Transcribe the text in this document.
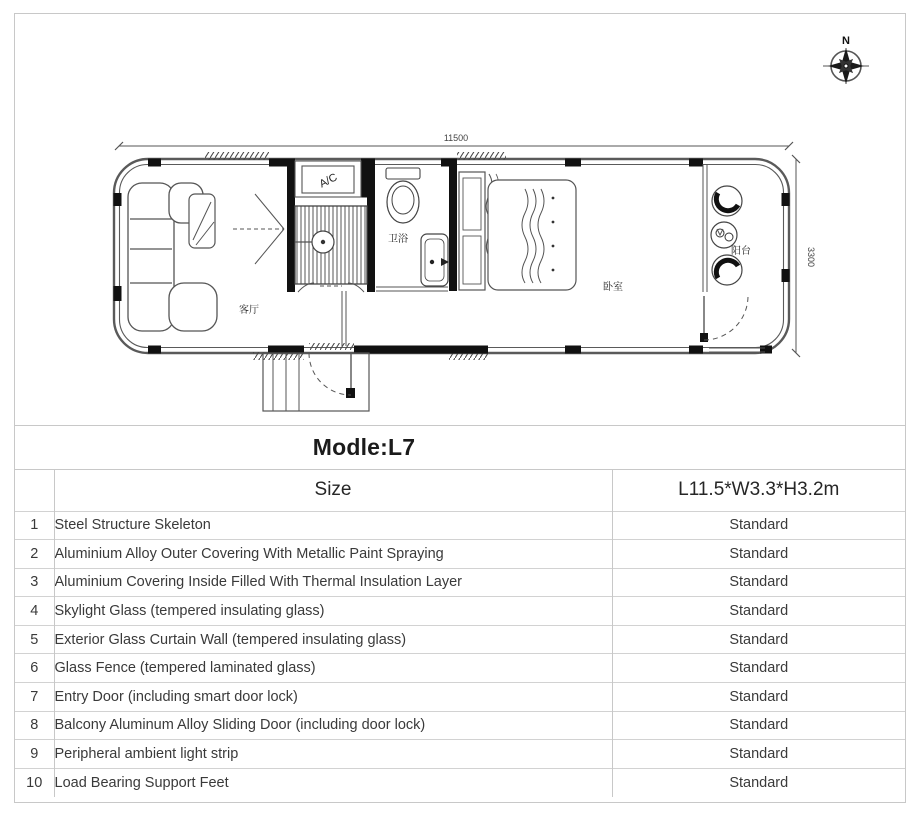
N
11500
3300
客厅
A/C
卫浴
卧室
阳台
Modle:L7
	Size	L11.5*W3.3*H3.2m
1	Steel Structure Skeleton	Standard
2	Aluminium Alloy Outer Covering With Metallic Paint Spraying	Standard
3	Aluminium Covering Inside Filled With Thermal Insulation Layer	Standard
4	Skylight Glass (tempered insulating glass)	Standard
5	Exterior Glass Curtain Wall (tempered insulating glass)	Standard
6	Glass Fence (tempered laminated glass)	Standard
7	Entry Door (including smart door lock)	Standard
8	Balcony Aluminum Alloy Sliding Door (including door lock)	Standard
9	Peripheral ambient light strip	Standard
10	Load Bearing Support Feet	Standard
